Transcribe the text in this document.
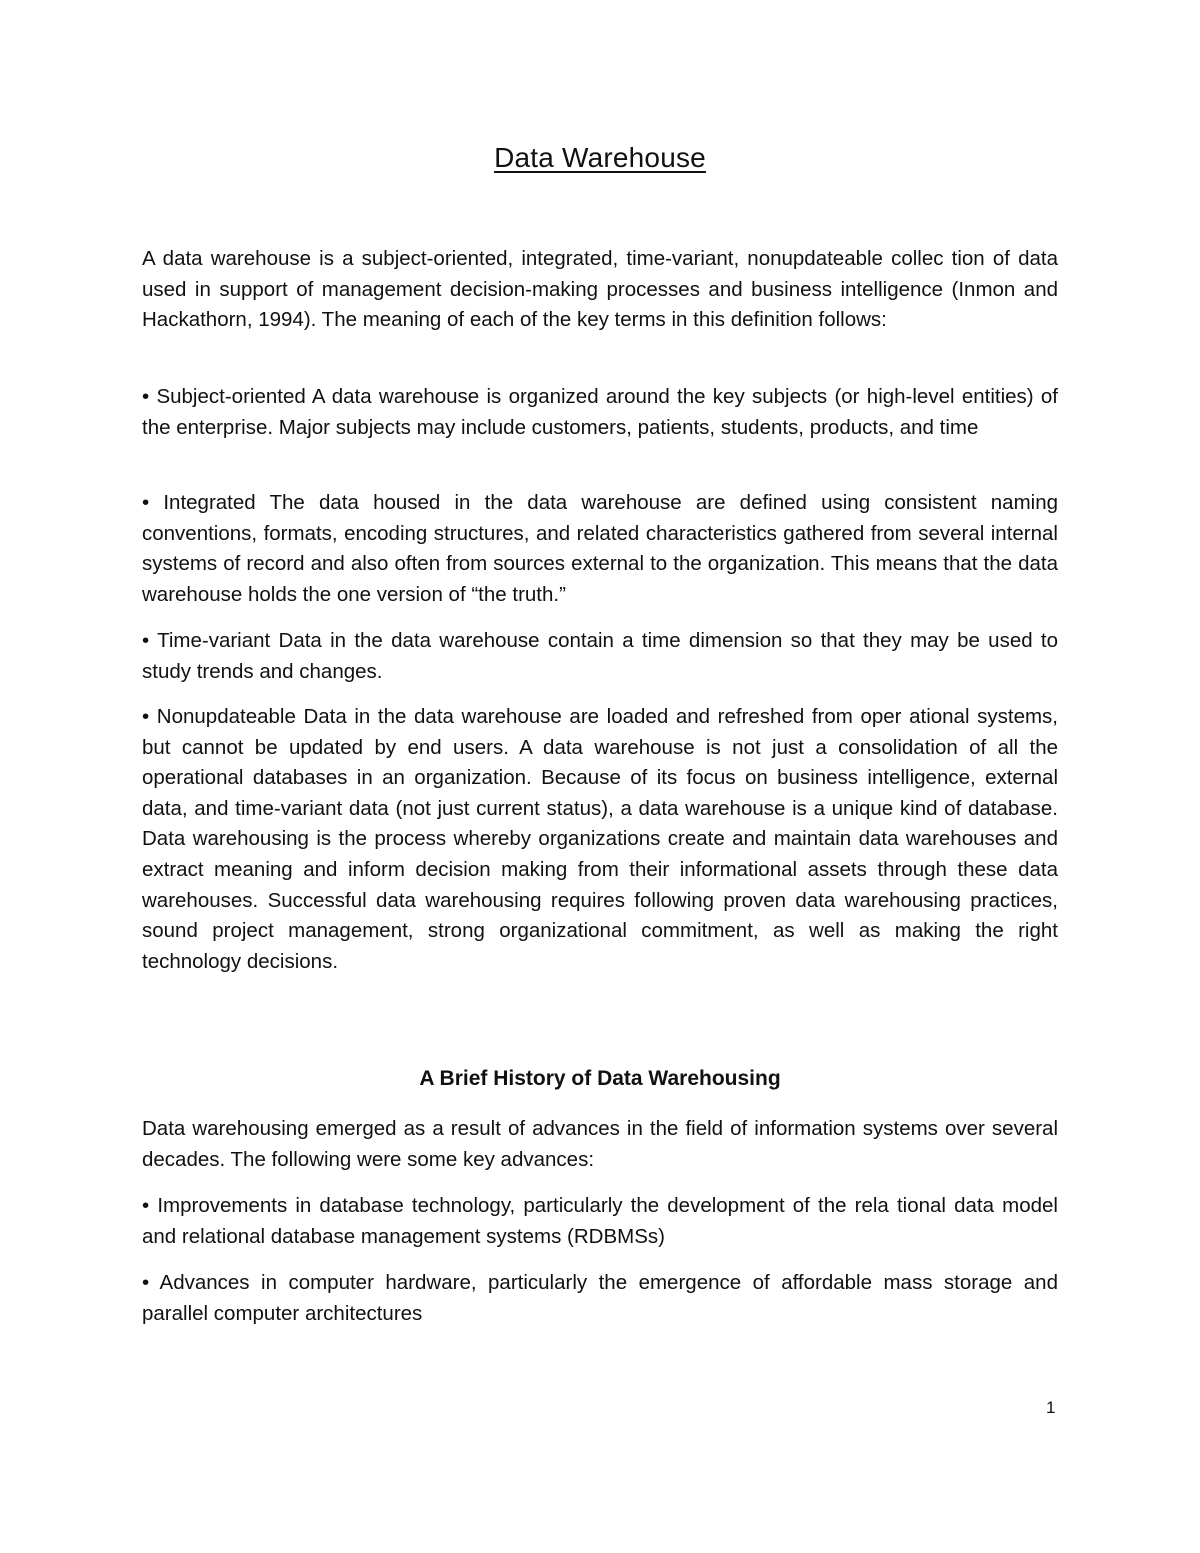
Data Warehouse

A data warehouse is a subject-oriented, integrated, time-variant, nonupdateable collec tion of data used in support of management decision-making processes and business intelligence (Inmon and Hackathorn, 1994). The meaning of each of the key terms in this definition follows:

• Subject-oriented A data warehouse is organized around the key subjects (or high-level entities) of the enterprise. Major subjects may include customers, patients, students, products, and time

• Integrated The data housed in the data warehouse are defined using consistent naming conventions, formats, encoding structures, and related characteristics gathered from several internal systems of record and also often from sources external to the organization. This means that the data warehouse holds the one version of “the truth.”

• Time-variant Data in the data warehouse contain a time dimension so that they may be used to study trends and changes.

• Nonupdateable Data in the data warehouse are loaded and refreshed from oper ational systems, but cannot be updated by end users. A data warehouse is not just a consolidation of all the operational databases in an organization. Because of its focus on business intelligence, external data, and time-variant data (not just current status), a data warehouse is a unique kind of database. Data warehousing is the process whereby organizations create and maintain data warehouses and extract meaning and inform decision making from their informational assets through these data warehouses. Successful data warehousing requires following proven data warehousing practices, sound project management, strong organizational commitment, as well as making the right technology decisions.

A Brief History of Data Warehousing

Data warehousing emerged as a result of advances in the field of information systems over several decades. The following were some key advances:

• Improvements in database technology, particularly the development of the rela tional data model and relational database management systems (RDBMSs)

• Advances in computer hardware, particularly the emergence of affordable mass storage and parallel computer architectures

1
